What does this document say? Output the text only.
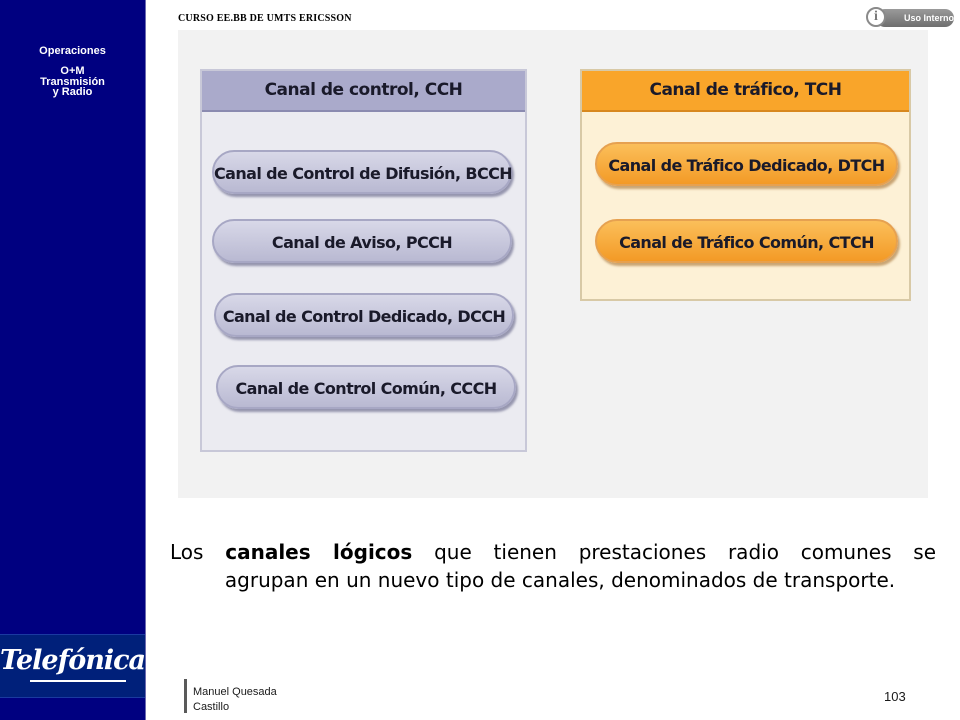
Operaciones
O+M
Transmisión
y Radio
Telefónica
CURSO EE.BB DE UMTS ERICSSON	Uso Interno
i
Canal de control, CCH
Canal de Control de Difusión, BCCH
Canal de Aviso, PCCH
Canal de Control Dedicado, DCCH
Canal de Control Común, CCCH
Canal de tráfico, TCH
Canal de Tráfico Dedicado, DTCH
Canal de Tráfico Común, CTCH
Los canales lógicos que tienen prestaciones radio comunes se
agrupan en un nuevo tipo de canales, denominados de transporte.
Manuel Quesada
Castillo
103
